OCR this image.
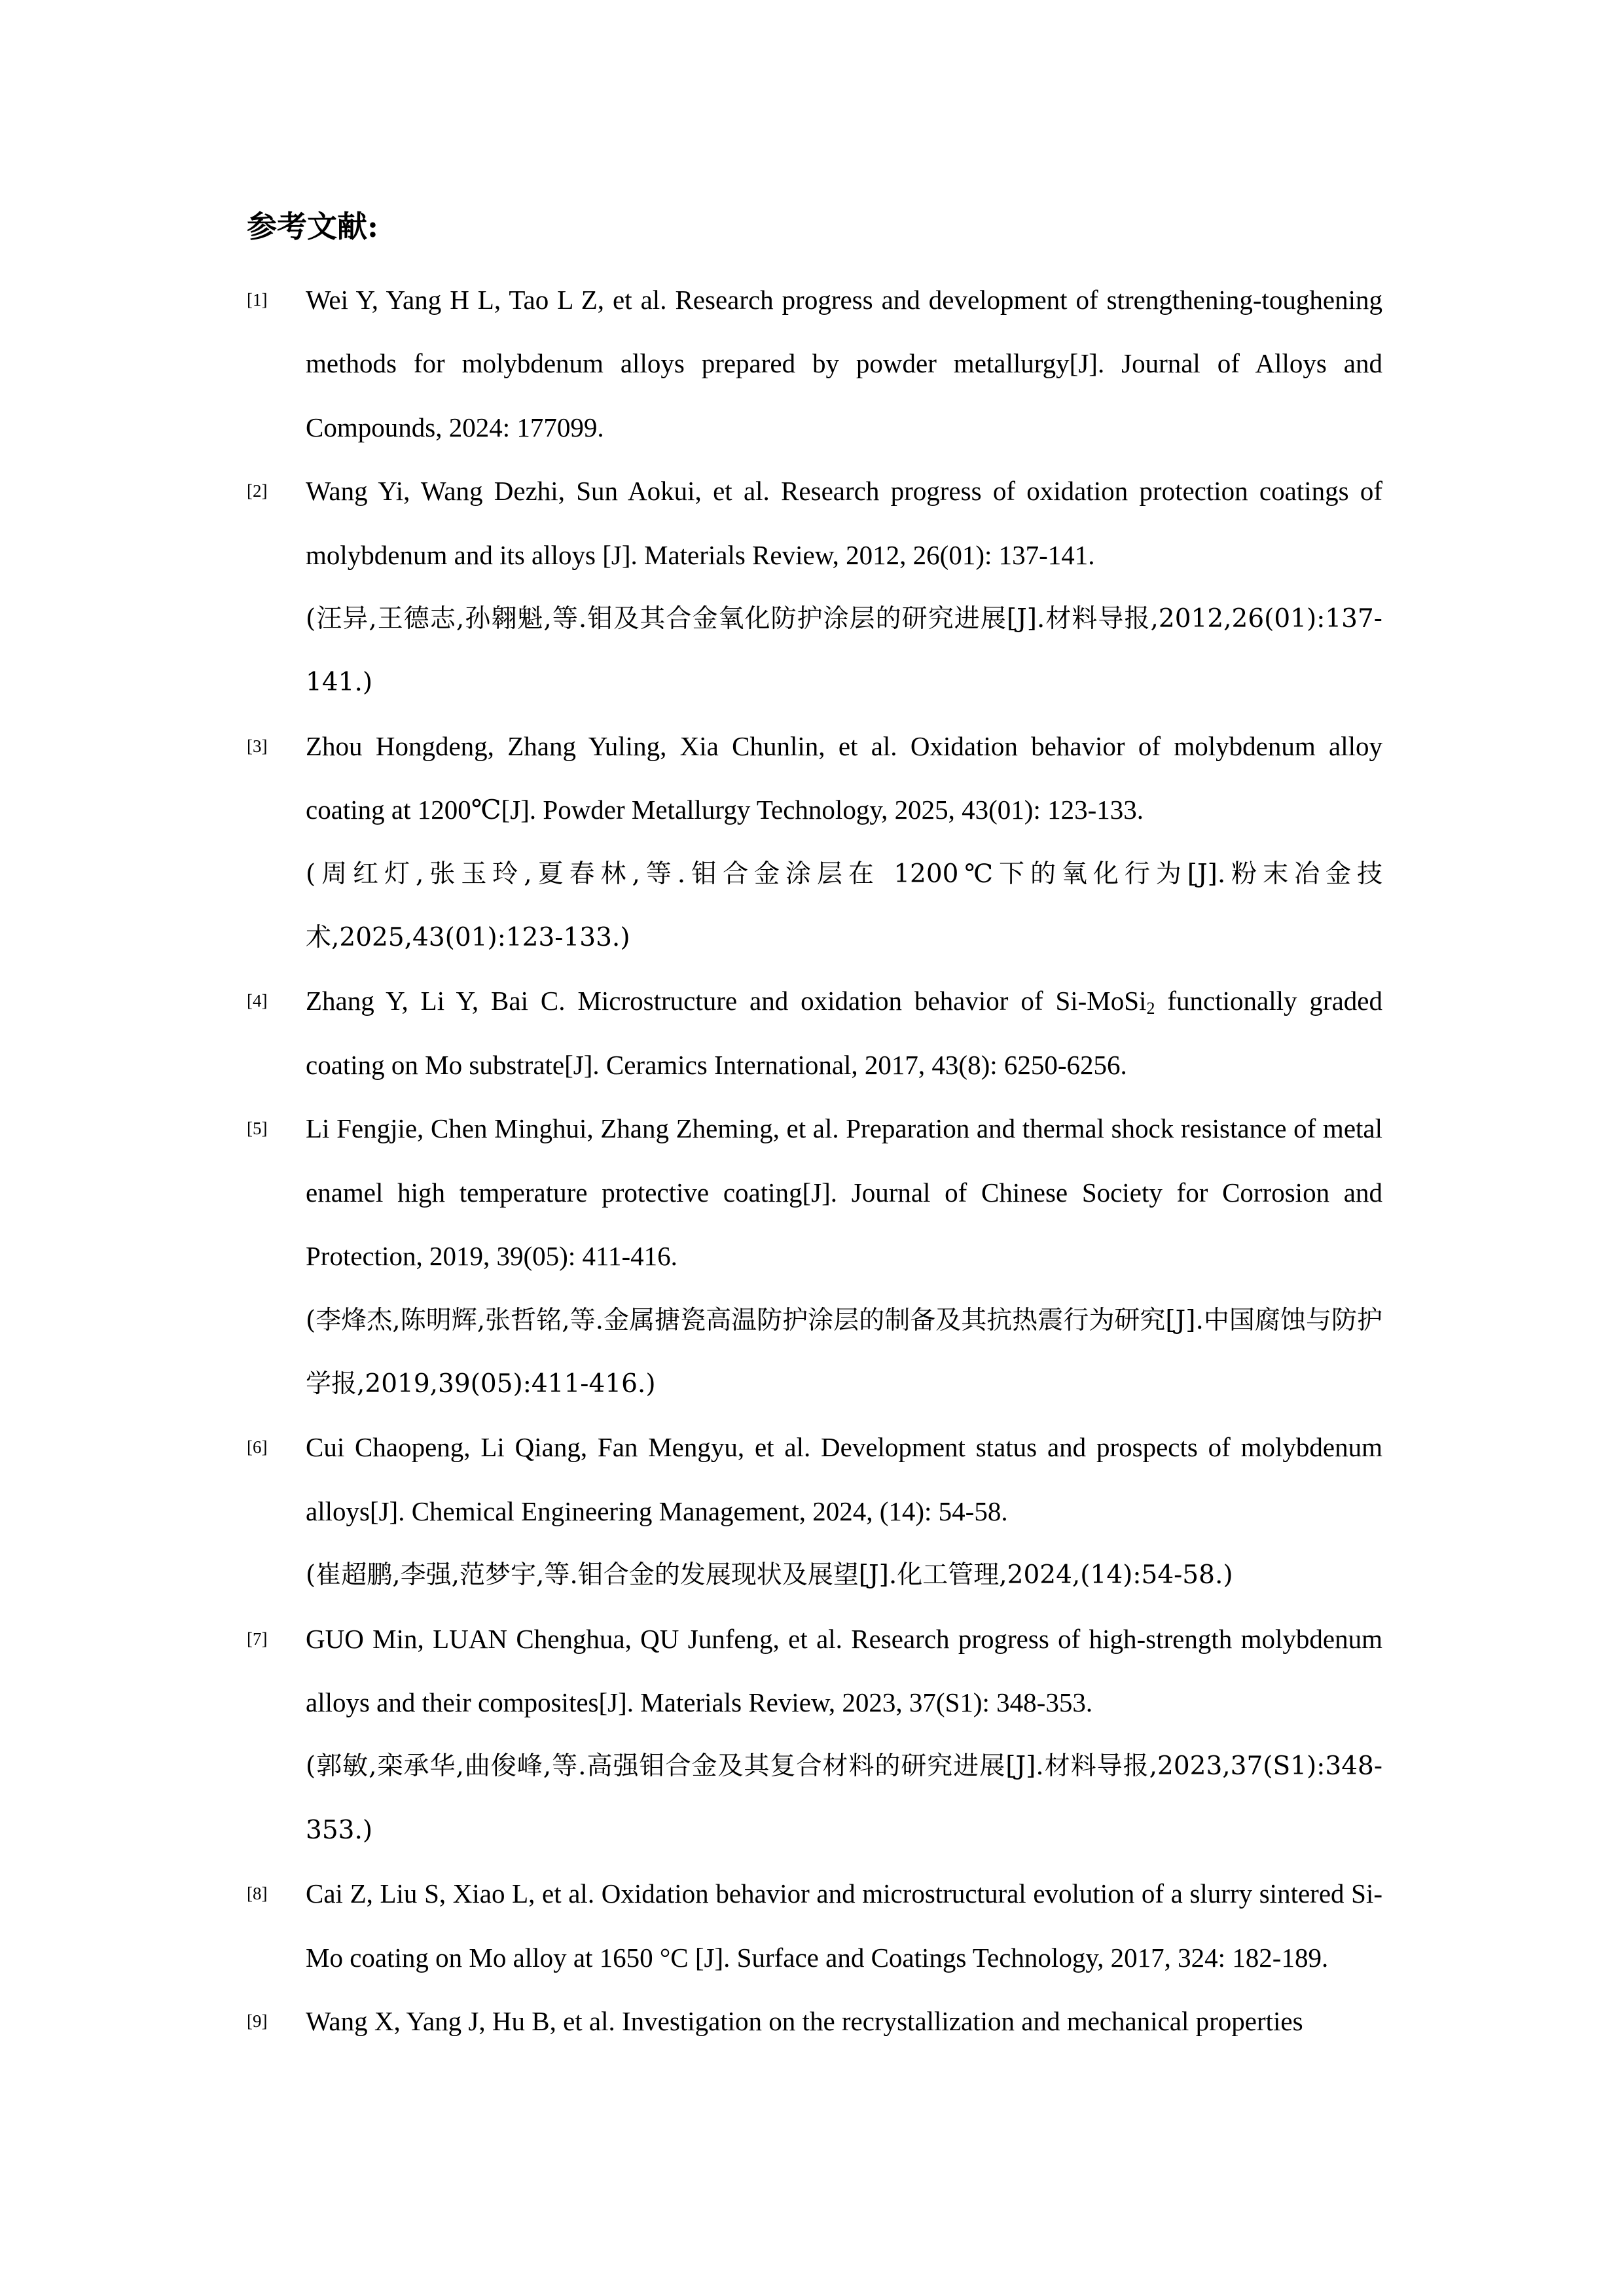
参考文献:
[1] Wei Y, Yang H L, Tao L Z, et al. Research progress and development of strengthening-toughening methods for molybdenum alloys prepared by powder metallurgy[J]. Journal of Alloys and Compounds, 2024: 177099.
[2] Wang Yi, Wang Dezhi, Sun Aokui, et al. Research progress of oxidation protection coatings of molybdenum and its alloys [J]. Materials Review, 2012, 26(01): 137-141.
(汪异,王德志,孙翱魁,等.钼及其合金氧化防护涂层的研究进展[J].材料导报,2012,26(01):137-141.)
[3] Zhou Hongdeng, Zhang Yuling, Xia Chunlin, et al. Oxidation behavior of molybdenum alloy coating at 1200℃[J]. Powder Metallurgy Technology, 2025, 43(01): 123-133.
(周红灯,张玉玲,夏春林,等.钼合金涂层在 1200℃下的氧化行为[J].粉末冶金技术,2025,43(01):123-133.)
[4] Zhang Y, Li Y, Bai C. Microstructure and oxidation behavior of Si-MoSi$_2$ functionally graded coating on Mo substrate[J]. Ceramics International, 2017, 43(8): 6250-6256.
[5] Li Fengjie, Chen Minghui, Zhang Zheming, et al. Preparation and thermal shock resistance of metal enamel high temperature protective coating[J]. Journal of Chinese Society for Corrosion and Protection, 2019, 39(05): 411-416.
(李烽杰,陈明辉,张哲铭,等.金属搪瓷高温防护涂层的制备及其抗热震行为研究[J].中国腐蚀与防护学报,2019,39(05):411-416.)
[6] Cui Chaopeng, Li Qiang, Fan Mengyu, et al. Development status and prospects of molybdenum alloys[J]. Chemical Engineering Management, 2024, (14): 54-58.
(崔超鹏,李强,范梦宇,等.钼合金的发展现状及展望[J].化工管理,2024,(14):54-58.)
[7] GUO Min, LUAN Chenghua, QU Junfeng, et al. Research progress of high-strength molybdenum alloys and their composites[J]. Materials Review, 2023, 37(S1): 348-353.
(郭敏,栾承华,曲俊峰,等.高强钼合金及其复合材料的研究进展[J].材料导报,2023,37(S1):348-353.)
[8] Cai Z, Liu S, Xiao L, et al. Oxidation behavior and microstructural evolution of a slurry sintered Si-Mo coating on Mo alloy at 1650 °C [J]. Surface and Coatings Technology, 2017, 324: 182-189.
[9] Wang X, Yang J, Hu B, et al. Investigation on the recrystallization and mechanical properties
